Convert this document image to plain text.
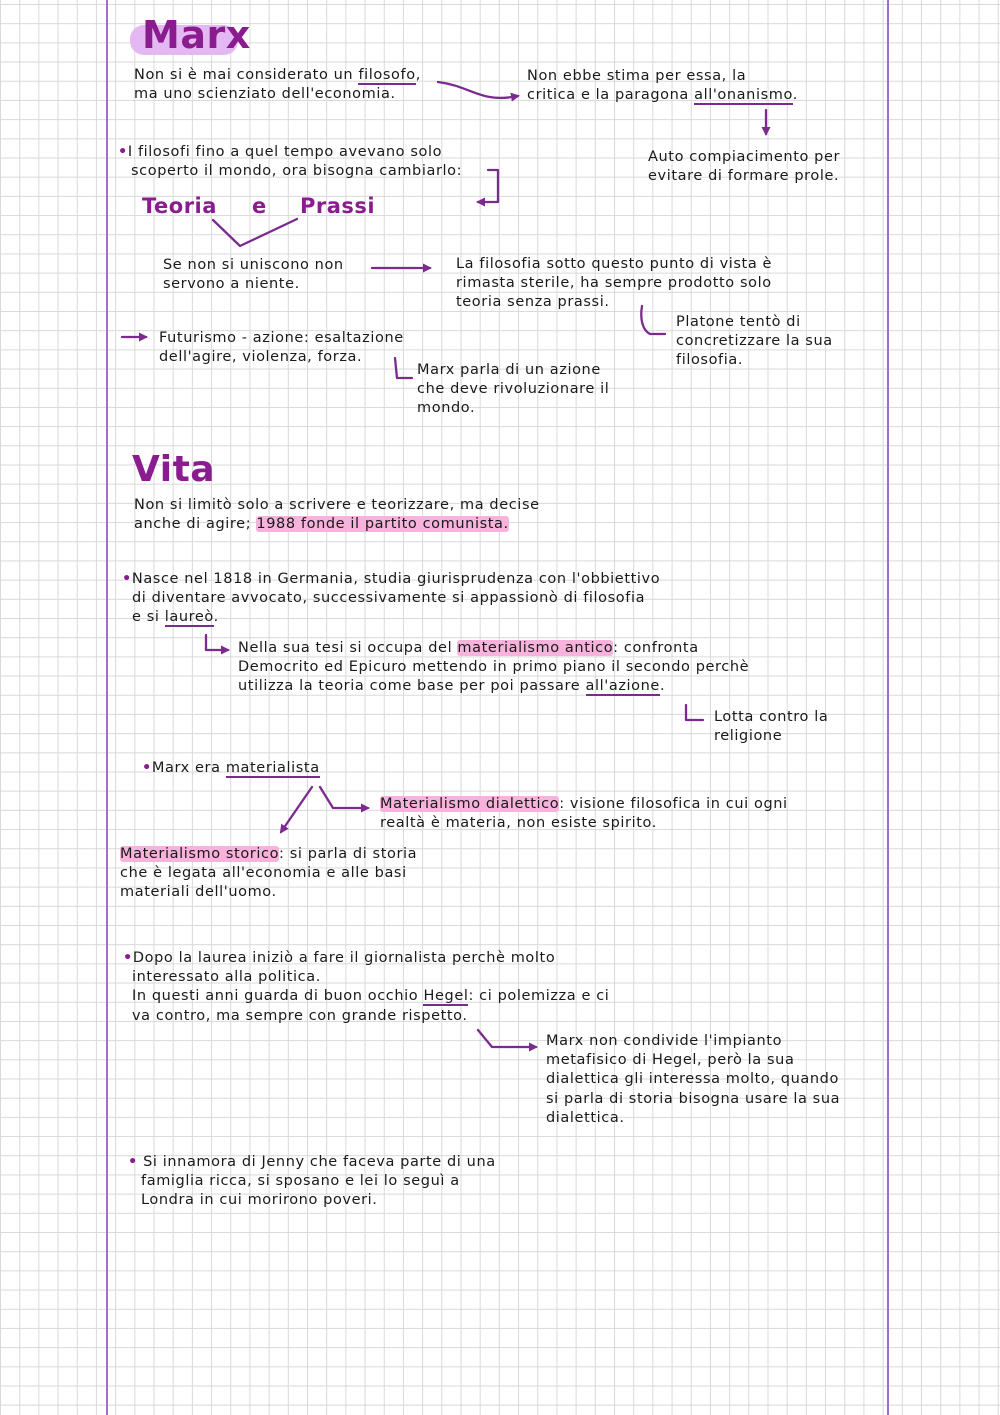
Marx

Non si è mai considerato un filosofo,
ma uno scienziato dell'economia.

Non ebbe stima per essa, la
critica e la paragona all'onanismo.

Auto compiacimento per
evitare di formare prole.

•I filosofi fino a quel tempo avevano solo
scoperto il mondo, ora bisogna cambiarlo:

Teoria e Prassi

Se non si uniscono non
servono a niente.

La filosofia sotto questo punto di vista è
rimasta sterile, ha sempre prodotto solo
teoria senza prassi.

Platone tentò di
concretizzare la sua
filosofia.

Futurismo - azione: esaltazione
dell'agire, violenza, forza.

Marx parla di un azione
che deve rivoluzionare il
mondo.

Vita

Non si limitò solo a scrivere e teorizzare, ma decise
anche di agire; 1988 fonde il partito comunista.

•Nasce nel 1818 in Germania, studia giurisprudenza con l'obbiettivo
di diventare avvocato, successivamente si appassionò di filosofia
e si laureò.

Nella sua tesi si occupa del materialismo antico: confronta
Democrito ed Epicuro mettendo in primo piano il secondo perchè
utilizza la teoria come base per poi passare all'azione.

Lotta contro la
religione

•Marx era materialista

Materialismo dialettico: visione filosofica in cui ogni
realtà è materia, non esiste spirito.

Materialismo storico: si parla di storia
che è legata all'economia e alle basi
materiali dell'uomo.

•Dopo la laurea iniziò a fare il giornalista perchè molto
interessato alla politica.
In questi anni guarda di buon occhio Hegel: ci polemizza e ci
va contro, ma sempre con grande rispetto.

Marx non condivide l'impianto
metafisico di Hegel, però la sua
dialettica gli interessa molto, quando
si parla di storia bisogna usare la sua
dialettica.

• Si innamora di Jenny che faceva parte di una
famiglia ricca, si sposano e lei lo seguì a
Londra in cui morirono poveri.
